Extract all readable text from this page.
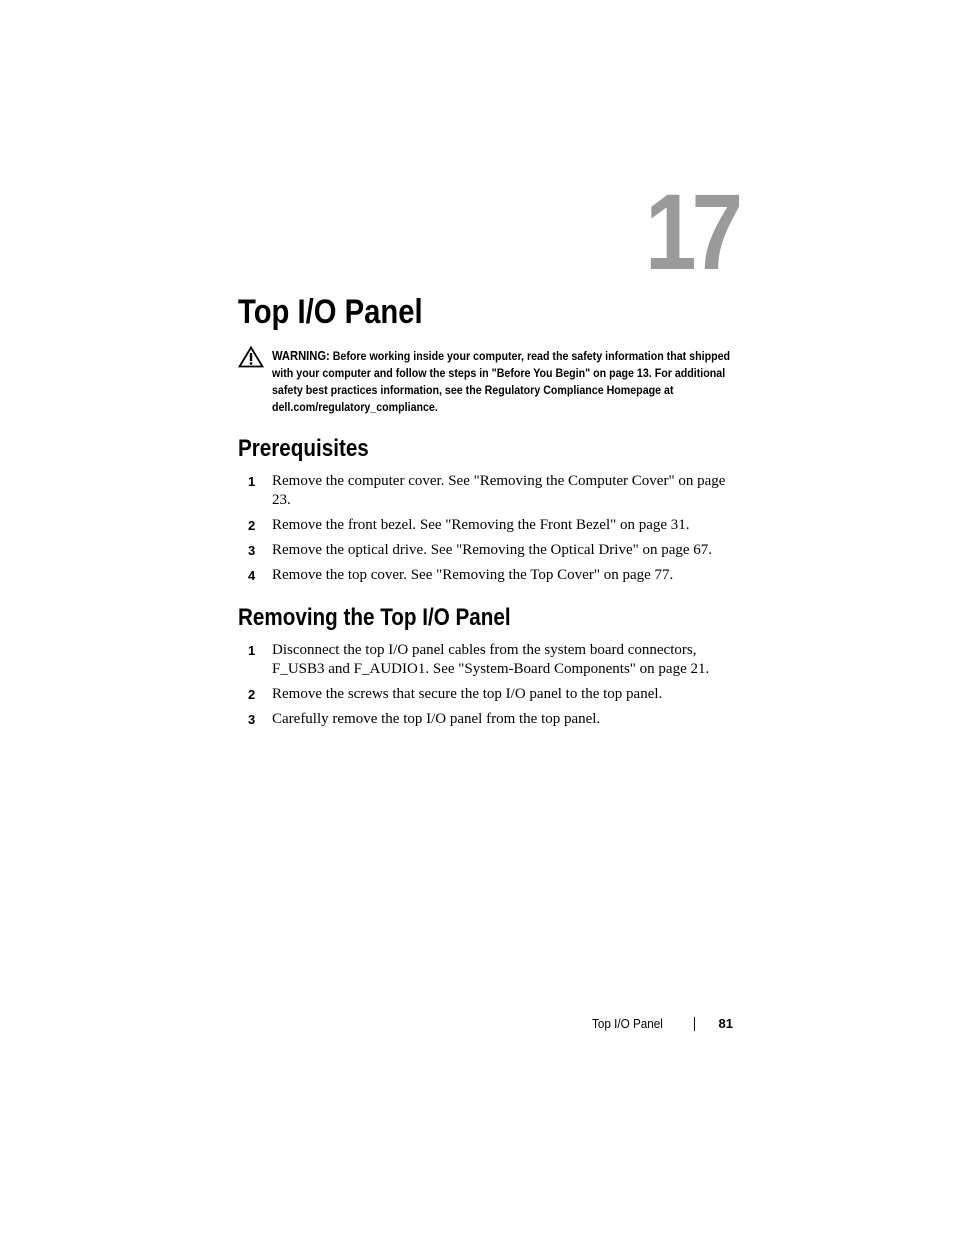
17
Top I/O Panel
WARNING: Before working inside your computer, read the safety information that shipped with your computer and follow the steps in "Before You Begin" on page 13. For additional safety best practices information, see the Regulatory Compliance Homepage at dell.com/regulatory_compliance.
Prerequisites
1 Remove the computer cover. See "Removing the Computer Cover" on page 23.
2 Remove the front bezel. See "Removing the Front Bezel" on page 31.
3 Remove the optical drive. See "Removing the Optical Drive" on page 67.
4 Remove the top cover. See "Removing the Top Cover" on page 77.
Removing the Top I/O Panel
1 Disconnect the top I/O panel cables from the system board connectors, F_USB3 and F_AUDIO1. See "System-Board Components" on page 21.
2 Remove the screws that secure the top I/O panel to the top panel.
3 Carefully remove the top I/O panel from the top panel.
Top I/O Panel	81
